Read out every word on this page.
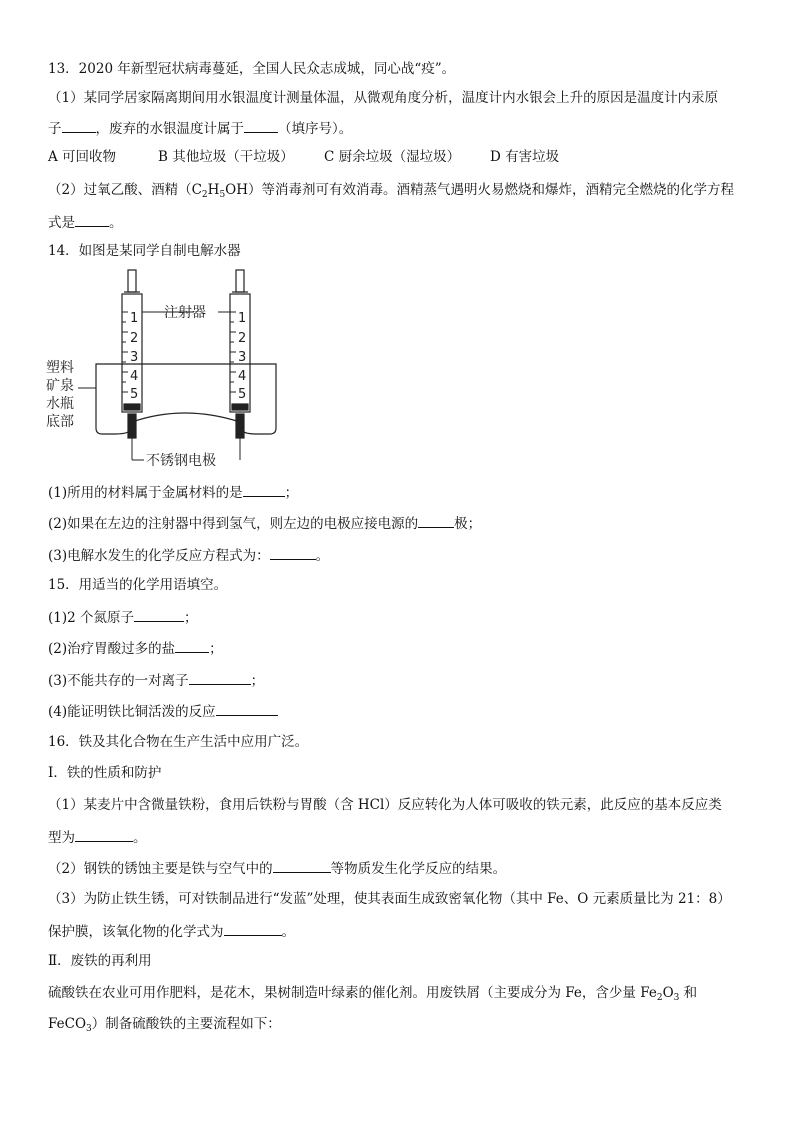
13．2020 年新型冠状病毒蔓延，全国人民众志成城，同心战“疫”。
（1）某同学居家隔离期间用水银温度计测量体温，从微观角度分析，温度计内水银会上升的原因是温度计内汞原
子	，废弃的水银温度计属于	（填序号）。
A 可回收物	B 其他垃圾（干垃圾） C 厨余垃圾（湿垃圾） D 有害垃圾
（2）过氧乙酸、酒精$(C_2H_5OH)$等消毒剂可有效消毒。酒精蒸气遇明火易燃烧和爆炸，酒精完全燃烧的化学方程
式是	。
14．如图是某同学自制电解水器
1
2
3
4
5
1
2
3
4
5
注射器
塑料
矿泉
水瓶
底部
不锈钢电极
(1)所用的材料属于金属材料的是	；
(2)如果在左边的注射器中得到氢气，则左边的电极应接电源的	极；
(3)电解水发生的化学反应方程式为：	。
15．用适当的化学用语填空。
(1)2 个氮原子	；
(2)治疗胃酸过多的盐	；
(3)不能共存的一对离子	；
(4)能证明铁比铜活泼的反应
16．铁及其化合物在生产生活中应用广泛。
Ⅰ．铁的性质和防护
（1）某麦片中含微量铁粉，食用后铁粉与胃酸（含 HCl）反应转化为人体可吸收的铁元素，此反应的基本反应类
型为	。
（2）钢铁的锈蚀主要是铁与空气中的	等物质发生化学反应的结果。
（3）为防止铁生锈，可对铁制品进行“发蓝”处理，使其表面生成致密氧化物（其中 Fe、O 元素质量比为 21：8）
保护膜，该氧化物的化学式为	。
Ⅱ．废铁的再利用
硫酸铁在农业可用作肥料，是花木，果树制造叶绿素的催化剂。用废铁屑（主要成分为 Fe，含少量 $Fe_2O_3$ 和
FeCO$_3$）制备硫酸铁的主要流程如下：
